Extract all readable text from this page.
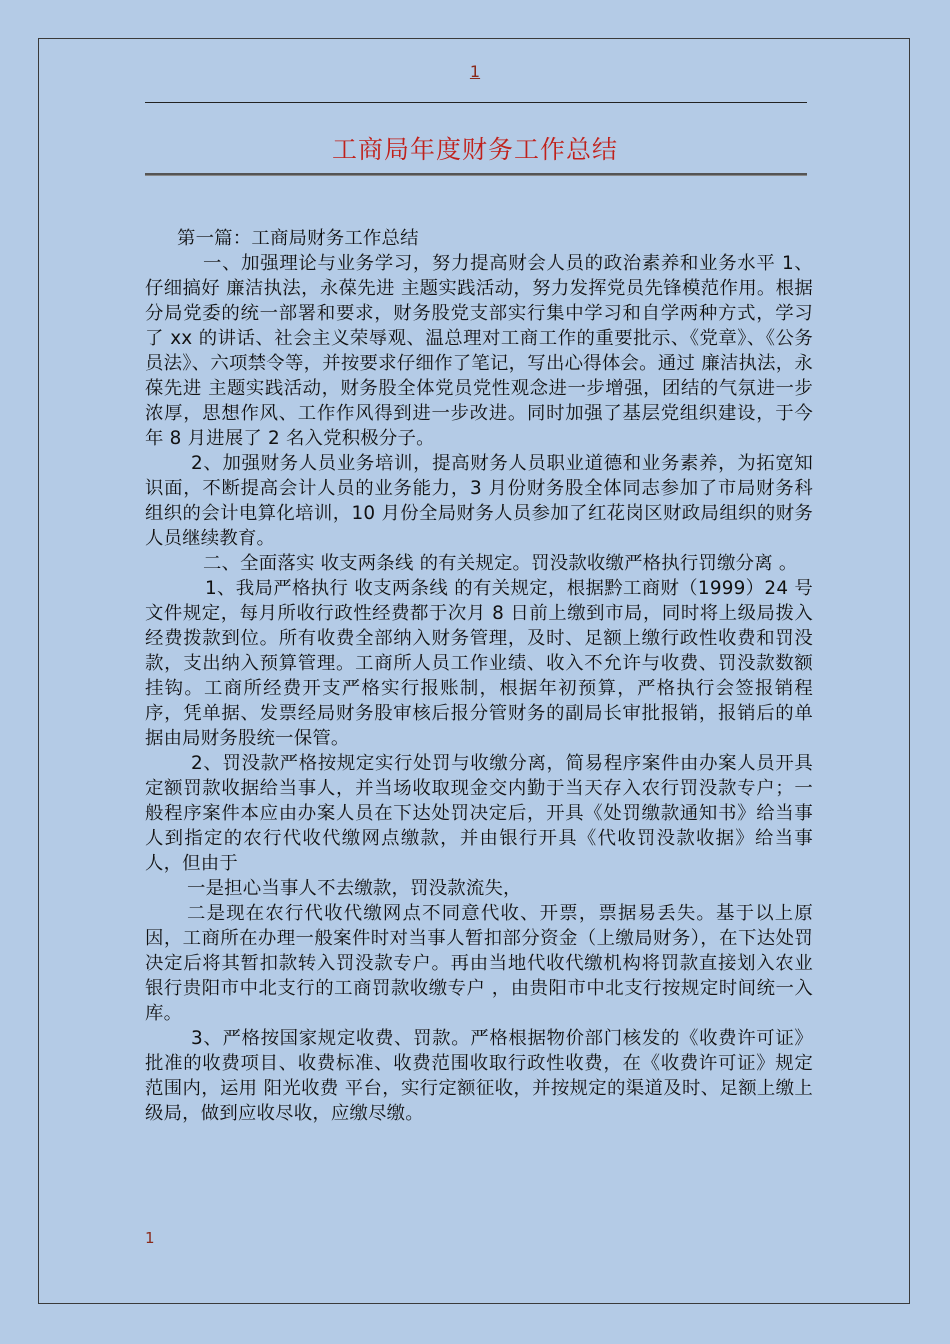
1
工商局年度财务工作总结

第一篇：工商局财务工作总结

一、加强理论与业务学习，努力提高财会人员的政治素养和业务水平 1、仔细搞好 廉洁执法，永葆先进 主题实践活动，努力发挥党员先锋模范作用。根据分局党委的统一部署和要求，财务股党支部实行集中学习和自学两种方式，学习了 xx 的讲话、社会主义荣辱观、温总理对工商工作的重要批示、《党章》、《公务员法》、六项禁令等，并按要求仔细作了笔记，写出心得体会。通过 廉洁执法，永葆先进 主题实践活动，财务股全体党员党性观念进一步增强，团结的气氛进一步浓厚，思想作风、工作作风得到进一步改进。同时加强了基层党组织建设，于今年 8 月进展了 2 名入党积极分子。

2、加强财务人员业务培训，提高财务人员职业道德和业务素养，为拓宽知识面，不断提高会计人员的业务能力，3 月份财务股全体同志参加了市局财务科组织的会计电算化培训，10 月份全局财务人员参加了红花岗区财政局组织的财务人员继续教育。

二、全面落实 收支两条线 的有关规定。罚没款收缴严格执行罚缴分离 。

1、我局严格执行 收支两条线 的有关规定，根据黔工商财（1999）24 号文件规定，每月所收行政性经费都于次月 8 日前上缴到市局，同时将上级局拨入经费拨款到位。所有收费全部纳入财务管理，及时、足额上缴行政性收费和罚没款，支出纳入预算管理。工商所人员工作业绩、收入不允许与收费、罚没款数额挂钩。工商所经费开支严格实行报账制，根据年初预算，严格执行会签报销程序，凭单据、发票经局财务股审核后报分管财务的副局长审批报销，报销后的单据由局财务股统一保管。

2、罚没款严格按规定实行处罚与收缴分离，简易程序案件由办案人员开具定额罚款收据给当事人，并当场收取现金交内勤于当天存入农行罚没款专户；一般程序案件本应由办案人员在下达处罚决定后，开具《处罚缴款通知书》给当事人到指定的农行代收代缴网点缴款，并由银行开具《代收罚没款收据》给当事人，但由于

一是担心当事人不去缴款，罚没款流失，

二是现在农行代收代缴网点不同意代收、开票，票据易丢失。基于以上原因，工商所在办理一般案件时对当事人暂扣部分资金（上缴局财务），在下达处罚决定后将其暂扣款转入罚没款专户。再由当地代收代缴机构将罚款直接划入农业银行贵阳市中北支行的工商罚款收缴专户 ，由贵阳市中北支行按规定时间统一入库。

3、严格按国家规定收费、罚款。严格根据物价部门核发的《收费许可证》批准的收费项目、收费标准、收费范围收取行政性收费，在《收费许可证》规定范围内，运用 阳光收费 平台，实行定额征收，并按规定的渠道及时、足额上缴上级局，做到应收尽收，应缴尽缴。

1
